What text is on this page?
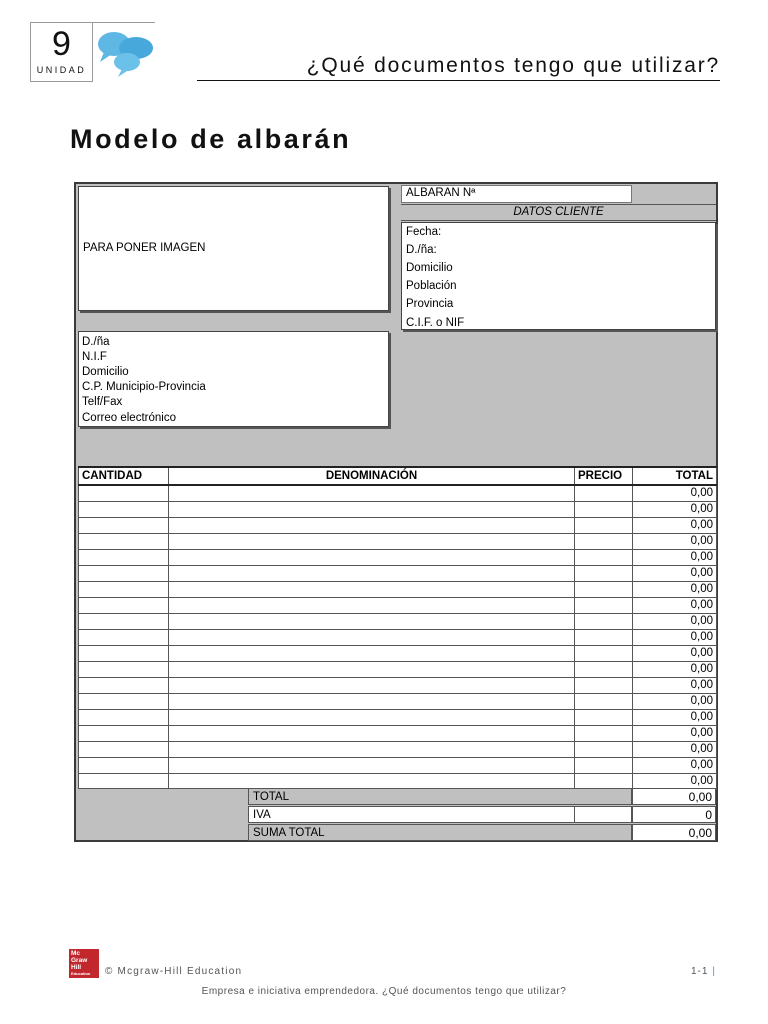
9
UNIDAD	¿Qué documentos tengo que utilizar?
Modelo de albarán
PARA PONER IMAGEN
ALBARAN Nª
DATOS CLIENTE
Fecha:
D./ña:
Domicilio
Población
Provincia
C.I.F. o NIF
D./ña
N.I.F
Domicilio
C.P. Municipio-Provincia
Telf/Fax
Correo electrónico
CANTIDAD	DENOMINACIÓN	PRECIO	TOTAL
			0,00
			0,00
			0,00
			0,00
			0,00
			0,00
			0,00
			0,00
			0,00
			0,00
			0,00
			0,00
			0,00
			0,00
			0,00
			0,00
			0,00
			0,00
			0,00
TOTAL	0,00
IVA	0
SUMA TOTAL	0,00
Mc
Graw
Hill
Education	© Mcgraw-Hill Education	1-1 |
Empresa e iniciativa emprendedora. ¿Qué documentos tengo que utilizar?
